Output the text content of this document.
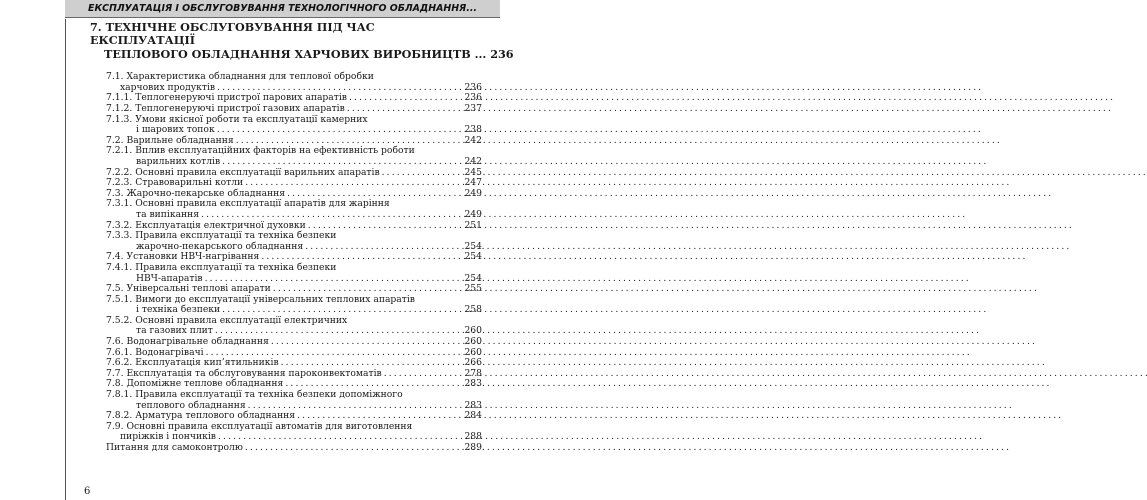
ЕКСПЛУАТАЦІЯ І ОБСЛУГОВУВАННЯ ТЕХНОЛОГІЧНОГО ОБЛАДНАННЯ...
7. ТЕХНІЧНЕ ОБСЛУГОВУВАННЯ ПІД ЧАС ЕКСПЛУАТАЦІЇ
ТЕПЛОВОГО ОБЛАДНАННЯ ХАРЧОВИХ ВИРОБНИЦТВ ... 236
7.1. Характеристика обладнання для теплової обробки
харчових продуктів . . .	236
7.1.1. Теплогенеруючі пристрої парових апаратів . . .	236
7.1.2. Теплогенеруючі пристрої газових апаратів . . .	237
7.1.3. Умови якісної роботи та експлуатації камерних
і шарових топок . . .	238
7.2. Варильне обладнання . . .	242
7.2.1. Вплив експлуатаційних факторів на ефективність роботи
варильних котлів . . .	242
7.2.2. Основні правила експлуатації варильних апаратів . . .	245
7.2.3. Стравоварильні котли . . .	247
7.3. Жарочно-пекарське обладнання . . .	249
7.3.1. Основні правила експлуатації апаратів для жаріння
та випікання . . .	249
7.3.2. Експлуатація електричної духовки . . .	251
7.3.3. Правила експлуатації та техніка безпеки
жарочно-пекарського обладнання . . .	254
7.4. Установки НВЧ-нагрівання . . .	254
7.4.1. Правила експлуатації та техніка безпеки
НВЧ-апаратів . . .	254
7.5. Універсальні теплові апарати . . .	255
7.5.1. Вимоги до експлуатації універсальних теплових апаратів
і техніка безпеки . . .	258
7.5.2. Основні правила експлуатації електричних
та газових плит . . .	260
7.6. Водонагрівальне обладнання . . .	260
7.6.1. Водонагрівачі . . .	260
7.6.2. Експлуатація кип’ятильників . . .	266
7.7. Експлуатація та обслуговування пароконвектоматів . . .	278
7.8. Допоміжне теплове обладнання . . .	283
7.8.1. Правила експлуатації та техніка безпеки допоміжного
теплового обладнання . . .	283
7.8.2. Арматура теплового обладнання . . .	284
7.9. Основні правила експлуатації автоматів для виготовлення
пиріжків і пончиків . . .	288
Питання для самоконтролю . . .	289
6
